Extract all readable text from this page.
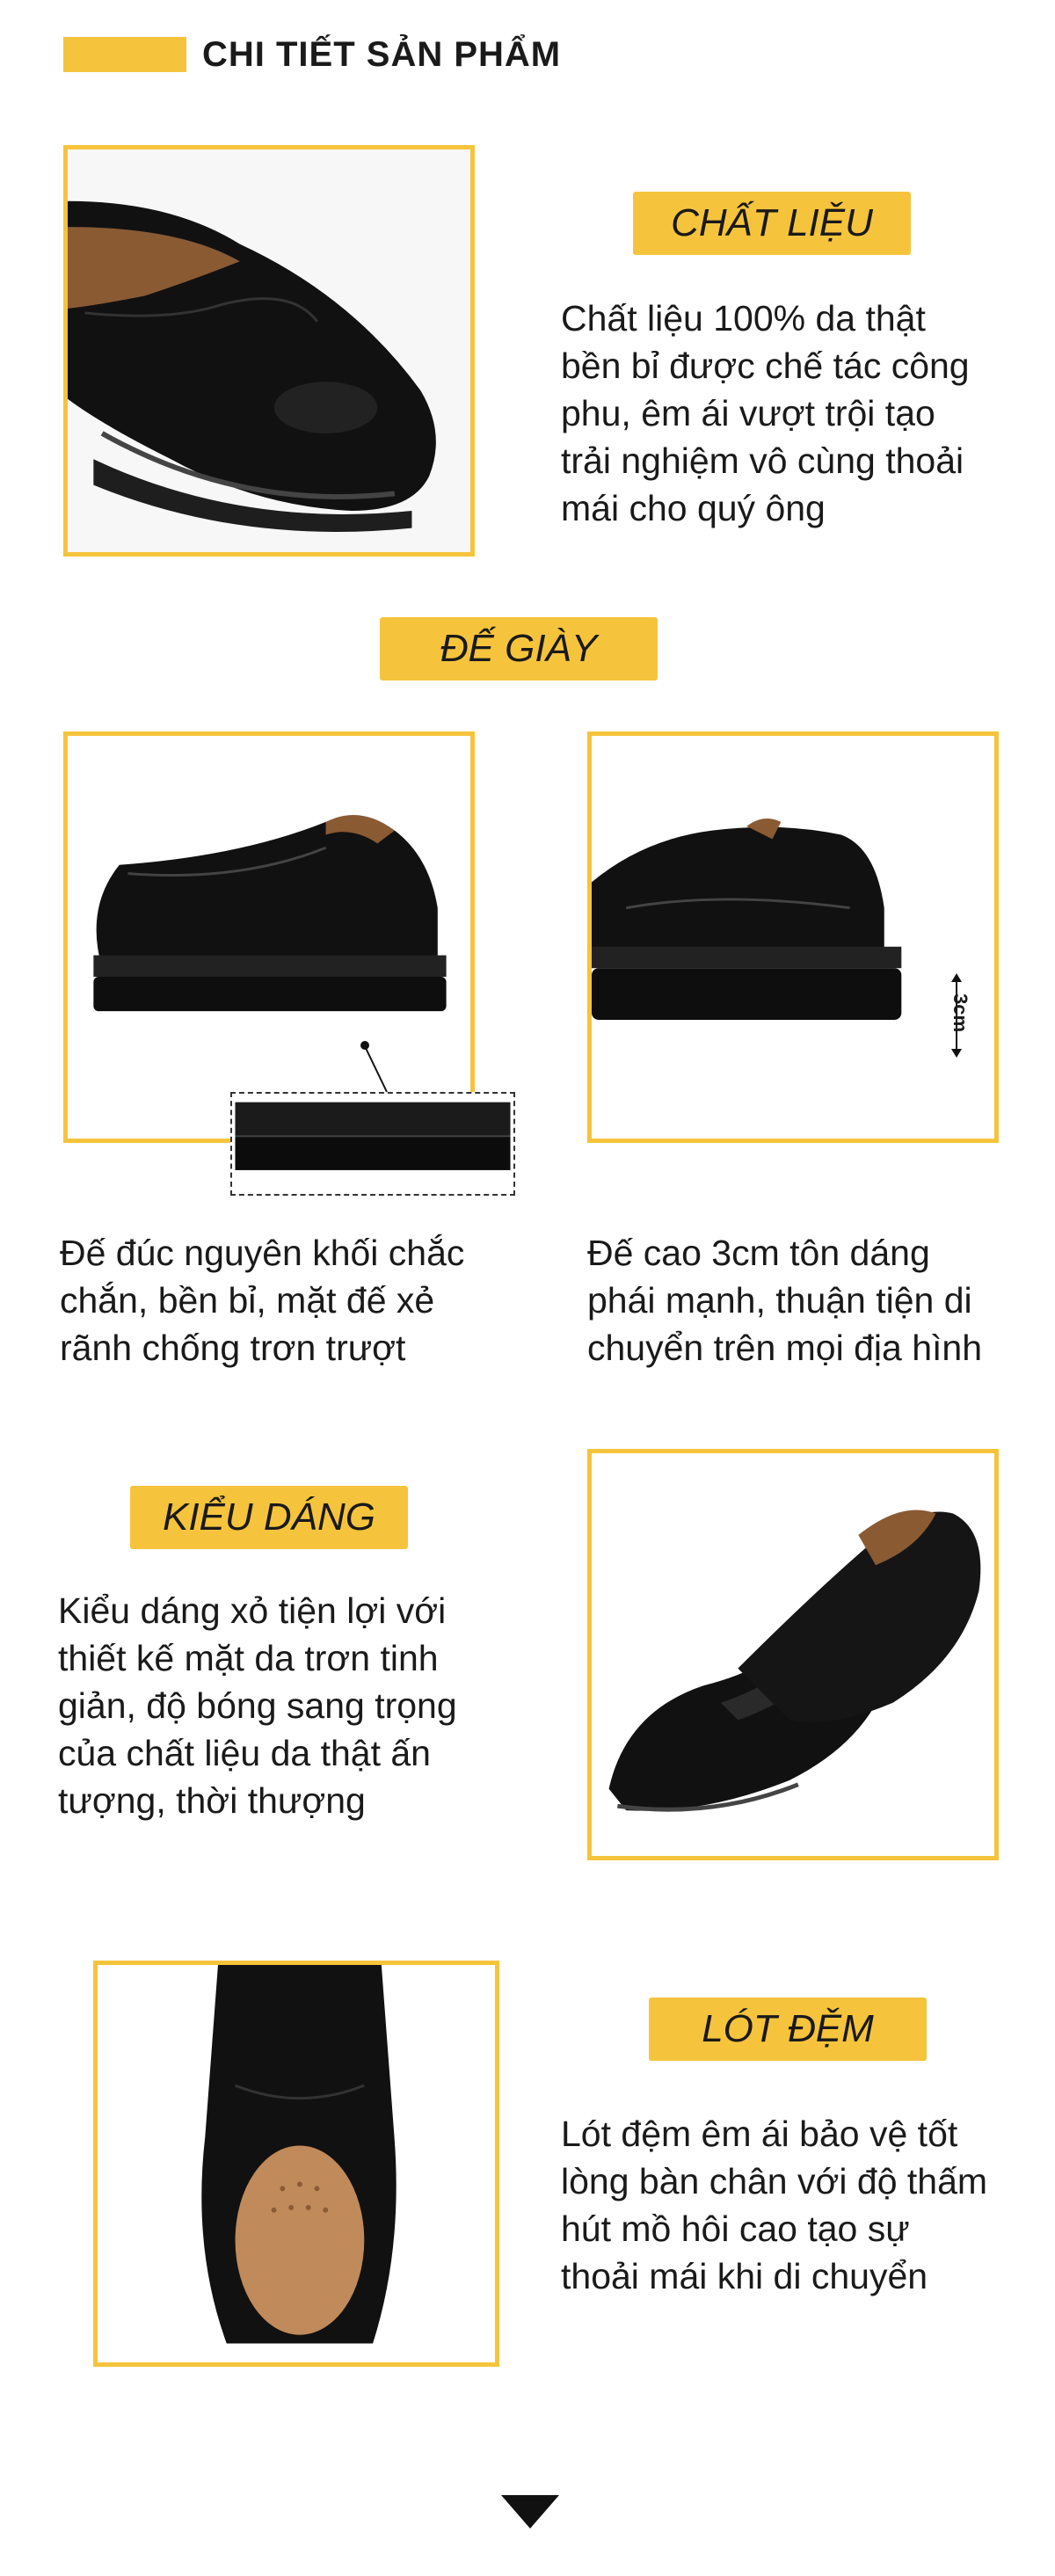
CHI TIẾT SẢN PHẨM
CHẤT LIỆU
Chất liệu 100% da thật
bền bỉ được chế tác công
phu, êm ái vượt trội tạo
trải nghiệm vô cùng thoải
mái cho quý ông
ĐẾ GIÀY
3cm
Đế đúc nguyên khối chắc
chắn, bền bỉ, mặt đế xẻ
rãnh chống trơn trượt
Đế cao 3cm tôn dáng
phái mạnh, thuận tiện di
chuyển trên mọi địa hình
KIỂU DÁNG
Kiểu dáng xỏ tiện lợi với
thiết kế mặt da trơn tinh
giản, độ bóng sang trọng
của chất liệu da thật ấn
tượng, thời thượng
LÓT ĐỆM
Lót đệm êm ái bảo vệ tốt
lòng bàn chân với độ thấm
hút mồ hôi cao tạo sự
thoải mái khi di chuyển
